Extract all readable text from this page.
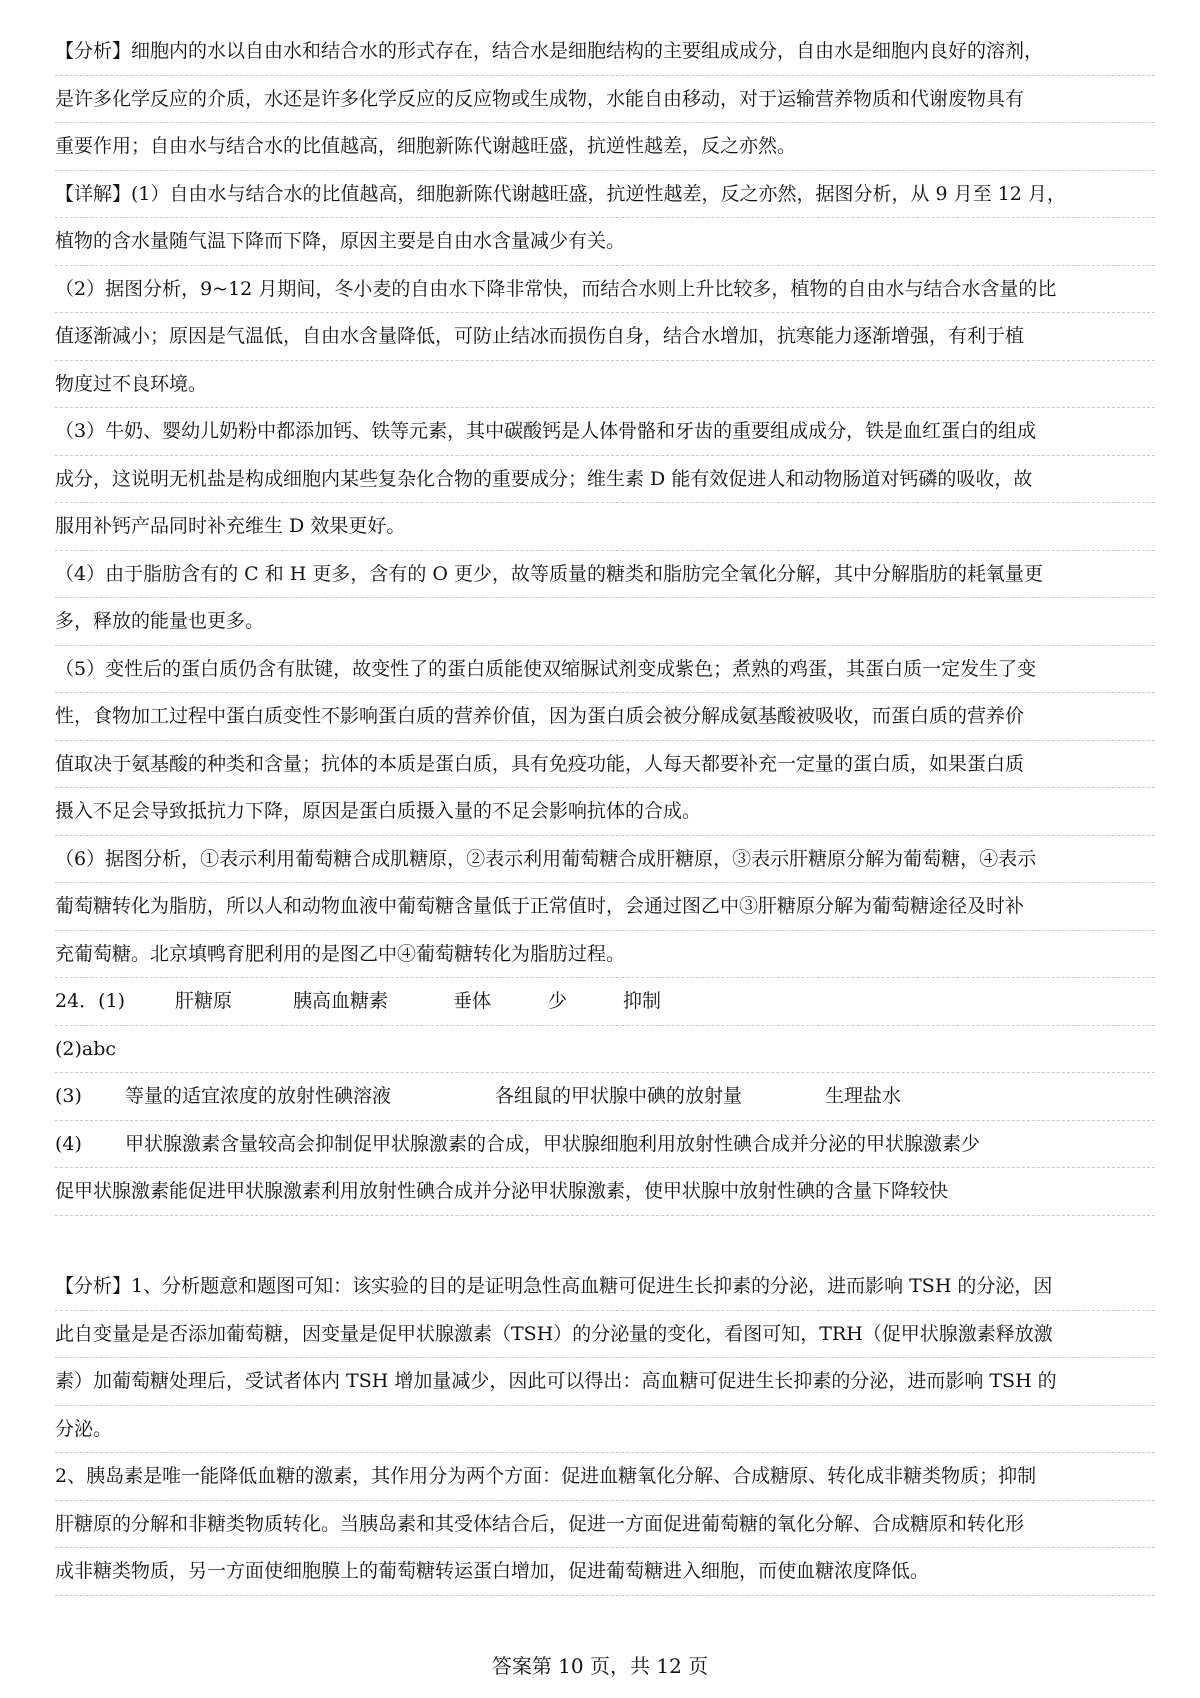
【分析】细胞内的水以自由水和结合水的形式存在，结合水是细胞结构的主要组成成分，自由水是细胞内良好的溶剂，
是许多化学反应的介质，水还是许多化学反应的反应物或生成物，水能自由移动，对于运输营养物质和代谢废物具有
重要作用；自由水与结合水的比值越高，细胞新陈代谢越旺盛，抗逆性越差，反之亦然。
【详解】(1）自由水与结合水的比值越高，细胞新陈代谢越旺盛，抗逆性越差，反之亦然，据图分析，从 9 月至 12 月，
植物的含水量随气温下降而下降，原因主要是自由水含量减少有关。
（2）据图分析，9~12 月期间，冬小麦的自由水下降非常快，而结合水则上升比较多，植物的自由水与结合水含量的比
值逐渐减小；原因是气温低，自由水含量降低，可防止结冰而损伤自身，结合水增加，抗寒能力逐渐增强，有利于植
物度过不良环境。
（3）牛奶、婴幼儿奶粉中都添加钙、铁等元素，其中碳酸钙是人体骨骼和牙齿的重要组成成分，铁是血红蛋白的组成
成分，这说明无机盐是构成细胞内某些复杂化合物的重要成分；维生素 D 能有效促进人和动物肠道对钙磷的吸收，故
服用补钙产品同时补充维生 D 效果更好。
（4）由于脂肪含有的 C 和 H 更多，含有的 O 更少，故等质量的糖类和脂肪完全氧化分解，其中分解脂肪的耗氧量更
多，释放的能量也更多。
（5）变性后的蛋白质仍含有肽键，故变性了的蛋白质能使双缩脲试剂变成紫色；煮熟的鸡蛋，其蛋白质一定发生了变
性，食物加工过程中蛋白质变性不影响蛋白质的营养价值，因为蛋白质会被分解成氨基酸被吸收，而蛋白质的营养价
值取决于氨基酸的种类和含量；抗体的本质是蛋白质，具有免疫功能，人每天都要补充一定量的蛋白质，如果蛋白质
摄入不足会导致抵抗力下降，原因是蛋白质摄入量的不足会影响抗体的合成。
（6）据图分析，①表示利用葡萄糖合成肌糖原，②表示利用葡萄糖合成肝糖原，③表示肝糖原分解为葡萄糖，④表示
葡萄糖转化为脂肪，所以人和动物血液中葡萄糖含量低于正常值时，会通过图乙中③肝糖原分解为葡萄糖途径及时补
充葡萄糖。北京填鸭育肥利用的是图乙中④葡萄糖转化为脂肪过程。
24．(1)	肝糖原	胰高血糖素	垂体	少	抑制
(2)abc
(3) 等量的适宜浓度的放射性碘溶液	各组鼠的甲状腺中碘的放射量	生理盐水
(4) 甲状腺激素含量较高会抑制促甲状腺激素的合成，甲状腺细胞利用放射性碘合成并分泌的甲状腺激素少
促甲状腺激素能促进甲状腺激素利用放射性碘合成并分泌甲状腺激素，使甲状腺中放射性碘的含量下降较快
【分析】1、分析题意和题图可知：该实验的目的是证明急性高血糖可促进生长抑素的分泌，进而影响 TSH 的分泌，因
此自变量是是否添加葡萄糖，因变量是促甲状腺激素（TSH）的分泌量的变化，看图可知，TRH（促甲状腺激素释放激
素）加葡萄糖处理后，受试者体内 TSH 增加量减少，因此可以得出：高血糖可促进生长抑素的分泌，进而影响 TSH 的
分泌。
2、胰岛素是唯一能降低血糖的激素，其作用分为两个方面：促进血糖氧化分解、合成糖原、转化成非糖类物质；抑制
肝糖原的分解和非糖类物质转化。当胰岛素和其受体结合后，促进一方面促进葡萄糖的氧化分解、合成糖原和转化形
成非糖类物质，另一方面使细胞膜上的葡萄糖转运蛋白增加，促进葡萄糖进入细胞，而使血糖浓度降低。
答案第 10 页，共 12 页
